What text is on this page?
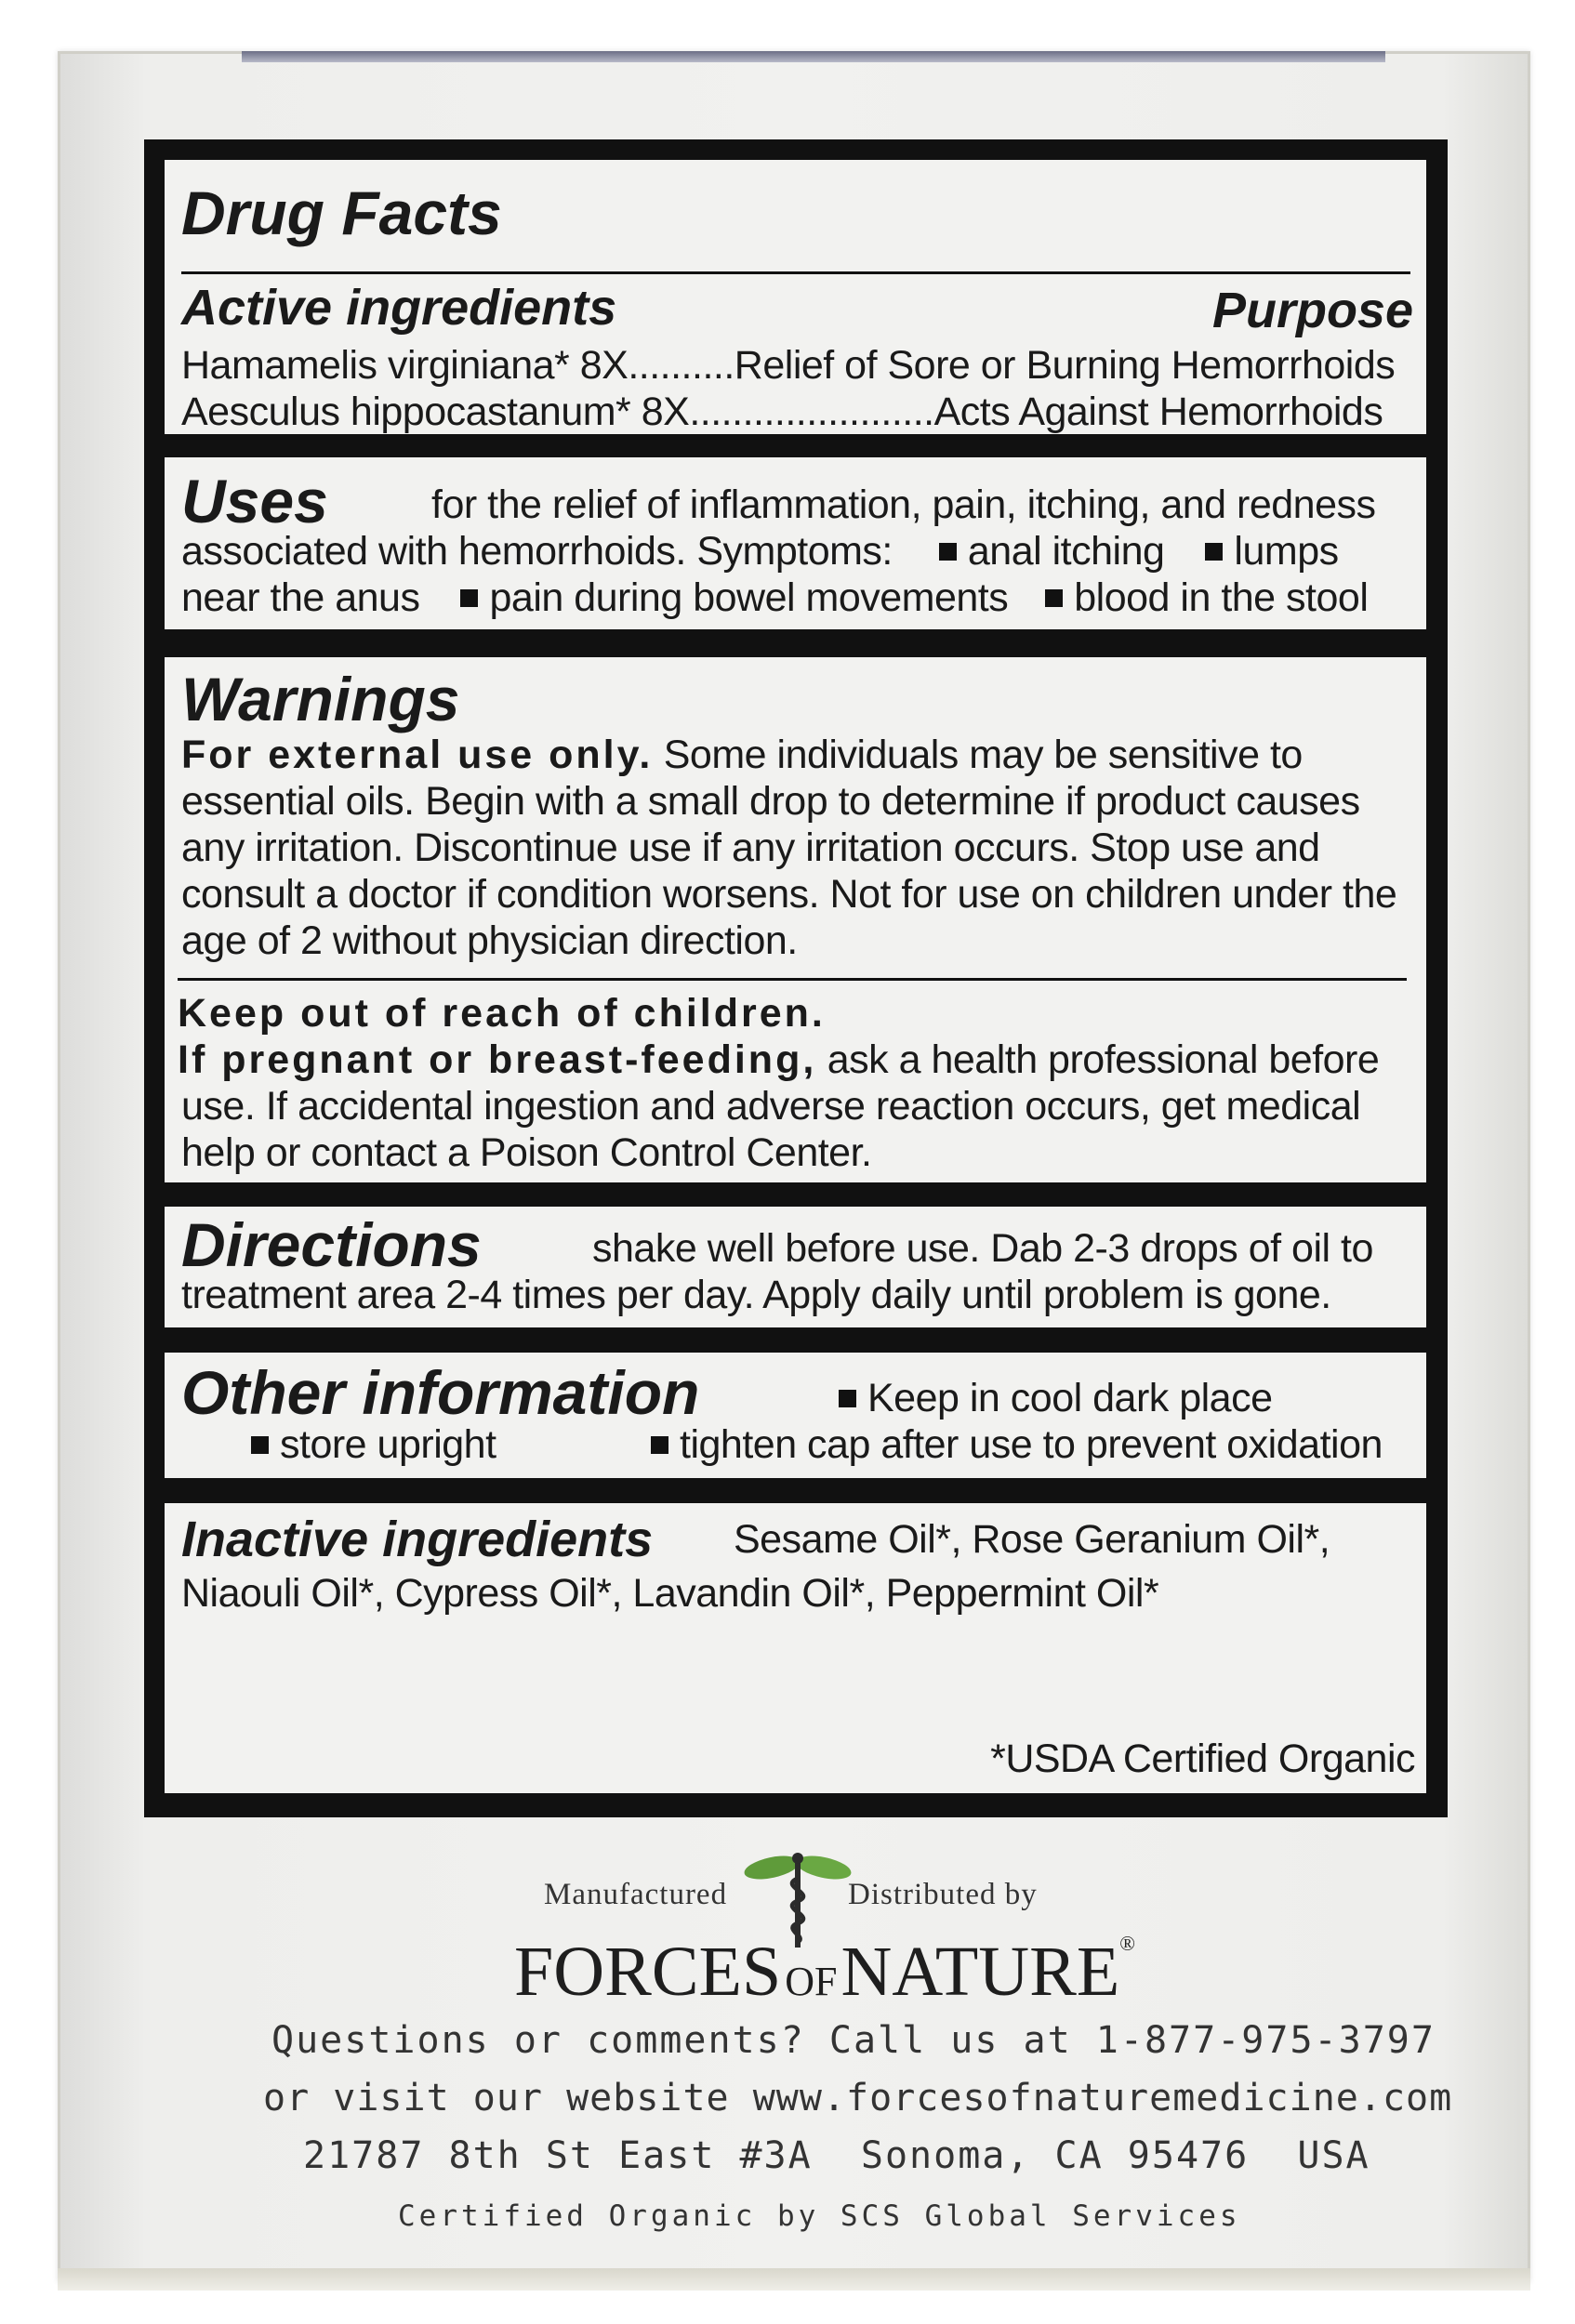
Drug Facts
Active ingredients	Purpose
Hamamelis virginiana* 8X..........Relief of Sore or Burning Hemorrhoids
Aesculus hippocastanum* 8X.......................Acts Against Hemorrhoids
Uses	for the relief of inflammation, pain, itching, and redness
associated with hemorrhoids. Symptoms: anal itching lumps
near the anus pain during bowel movements blood in the stool
Warnings
For external use only. Some individuals may be sensitive to
essential oils. Begin with a small drop to determine if product causes
any irritation. Discontinue use if any irritation occurs. Stop use and
consult a doctor if condition worsens. Not for use on children under the
age of 2 without physician direction.
Keep out of reach of children.
If pregnant or breast-feeding, ask a health professional before
use. If accidental ingestion and adverse reaction occurs, get medical
help or contact a Poison Control Center.
Directions	shake well before use. Dab 2-3 drops of oil to
treatment area 2-4 times per day. Apply daily until problem is gone.
Other information	Keep in cool dark place
store upright	tighten cap after use to prevent oxidation
Inactive ingredients Sesame Oil*, Rose Geranium Oil*,
Niaouli Oil*, Cypress Oil*, Lavandin Oil*, Peppermint Oil*
*USDA Certified Organic
Manufactured	Distributed by
FORCESOFNATURE®
Questions or comments? Call us at 1-877-975-3797
or visit our website www.forcesofnaturemedicine.com
21787 8th St East #3A  Sonoma, CA 95476  USA
Certified Organic by SCS Global Services
